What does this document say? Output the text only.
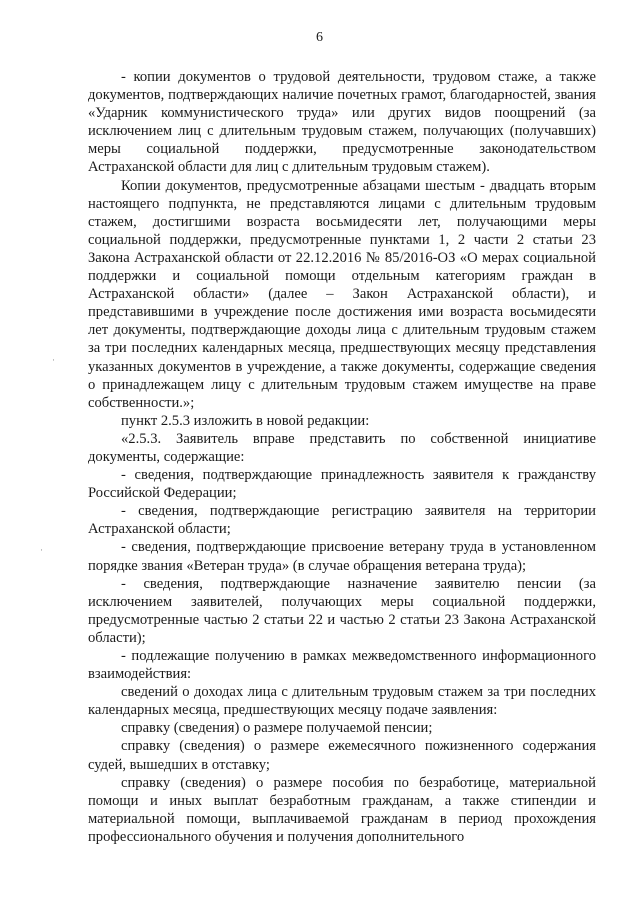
6
·
·

- копии документов о трудовой деятельности, трудовом стаже, а также документов, подтверждающих наличие почетных грамот, благодарностей, звания «Ударник коммунистического труда» или других видов поощрений (за исключением лиц с длительным трудовым стажем, получающих (получавших) меры социальной поддержки, предусмотренные законодательством Астраханской области для лиц с длительным трудовым стажем).

Копии документов, предусмотренные абзацами шестым - двадцать вторым настоящего подпункта, не представляются лицами с длительным трудовым стажем, достигшими возраста восьмидесяти лет, получающими меры социальной поддержки, предусмотренные пунктами 1, 2 части 2 статьи 23 Закона Астраханской области от 22.12.2016 № 85/2016-ОЗ «О мерах социальной поддержки и социальной помощи отдельным категориям граждан в Астраханской области» (далее – Закон Астраханской области), и представившими в учреждение после достижения ими возраста восьмидесяти лет документы, подтверждающие доходы лица с длительным трудовым стажем за три последних календарных месяца, предшествующих месяцу представления указанных документов в учреждение, а также документы, содержащие сведения о принадлежащем лицу с длительным трудовым стажем имуществе на праве собственности.»;

пункт 2.5.3 изложить в новой редакции:

«2.5.3. Заявитель вправе представить по собственной инициативе документы, содержащие:

- сведения, подтверждающие принадлежность заявителя к гражданству Российской Федерации;

- сведения, подтверждающие регистрацию заявителя на территории Астраханской области;

- сведения, подтверждающие присвоение ветерану труда в установленном порядке звания «Ветеран труда» (в случае обращения ветерана труда);

- сведения, подтверждающие назначение заявителю пенсии (за исключением заявителей, получающих меры социальной поддержки, предусмотренные частью 2 статьи 22 и частью 2 статьи 23 Закона Астраханской области);

- подлежащие получению в рамках межведомственного информационного взаимодействия:

сведений о доходах лица с длительным трудовым стажем за три последних календарных месяца, предшествующих месяцу подаче заявления:

справку (сведения) о размере получаемой пенсии;

справку (сведения) о размере ежемесячного пожизненного содержания судей, вышедших в отставку;

справку (сведения) о размере пособия по безработице, материальной помощи и иных выплат безработным гражданам, а также стипендии и материальной помощи, выплачиваемой гражданам в период прохождения профессионального обучения и получения дополнительного
